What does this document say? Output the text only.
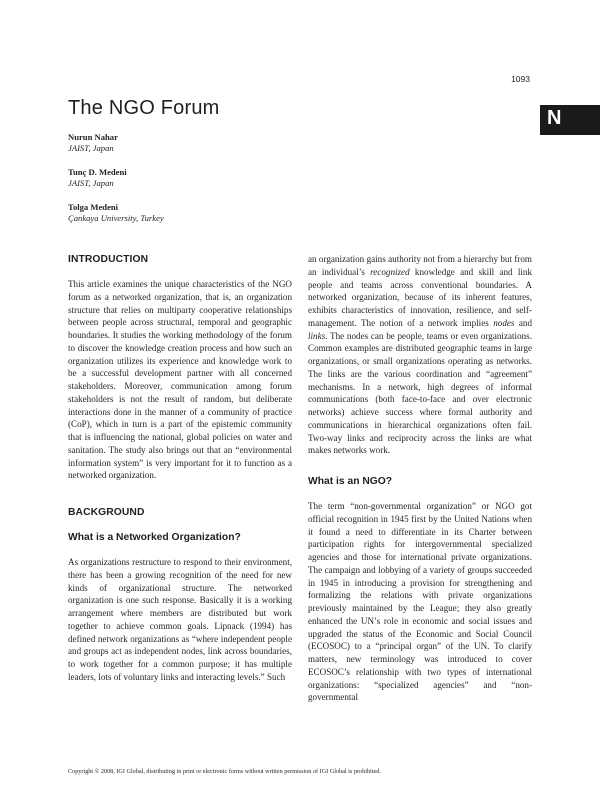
1093
N
The NGO Forum
Nurun Nahar
JAIST, Japan
Tunç D. Medeni
JAIST, Japan
Tolga Medeni
Çankaya University, Turkey
INTRODUCTION

This article examines the unique characteristics of the NGO forum as a networked organization, that is, an organization structure that relies on multiparty cooperative relationships between people across structural, temporal and geographic boundaries. It studies the working methodology of the forum to discover the knowledge creation process and how such an organization utilizes its experience and knowledge work to be a successful development partner with all concerned stakeholders. Moreover, communication among forum stakeholders is not the result of random, but deliberate interactions done in the manner of a community of practice (CoP), which in turn is a part of the epistemic community that is influencing the national, global policies on water and sanitation. The study also brings out that an “environmental information system” is very important for it to function as a networked organization.

BACKGROUND
What is a Networked Organization?

As organizations restructure to respond to their environment, there has been a growing recognition of the need for new kinds of organizational structure. The networked organization is one such response. Basically it is a working arrangement where members are distributed but work together to achieve common goals. Lipnack (1994) has defined network organizations as “where independent people and groups act as independent nodes, link across boundaries, to work together for a common purpose; it has multiple leaders, lots of voluntary links and interacting levels.” Such

an organization gains authority not from a hierarchy but from an individual’s recognized knowledge and skill and link people and teams across conventional boundaries. A networked organization, because of its inherent features, exhibits characteristics of innovation, resilience, and self-management. The notion of a network implies nodes and links. The nodes can be people, teams or even organizations. Common examples are distributed geographic teams in large organizations, or small organizations operating as networks. The links are the various coordination and “agreement” mechanisms. In a network, high degrees of informal communications (both face-to-face and over electronic networks) achieve success where formal authority and communications in hierarchical organizations often fail. Two-way links and reciprocity across the links are what makes networks work.

What is an NGO?

The term “non-governmental organization” or NGO got official recognition in 1945 first by the United Nations when it found a need to differentiate in its Charter between participation rights for intergovernmental specialized agencies and those for international private organizations. The campaign and lobbying of a variety of groups succeeded in 1945 in introducing a provision for strengthening and formalizing the relations with private organizations previously maintained by the League; they also greatly enhanced the UN’s role in economic and social issues and upgraded the status of the Economic and Social Council (ECOSOC) to a “principal organ” of the UN. To clarify matters, new terminology was introduced to cover ECOSOC’s relationship with two types of international organizations: “specialized agencies” and “non-governmental

Copyright © 2008, IGI Global, distributing in print or electronic forms without written permission of IGI Global is prohibited.
